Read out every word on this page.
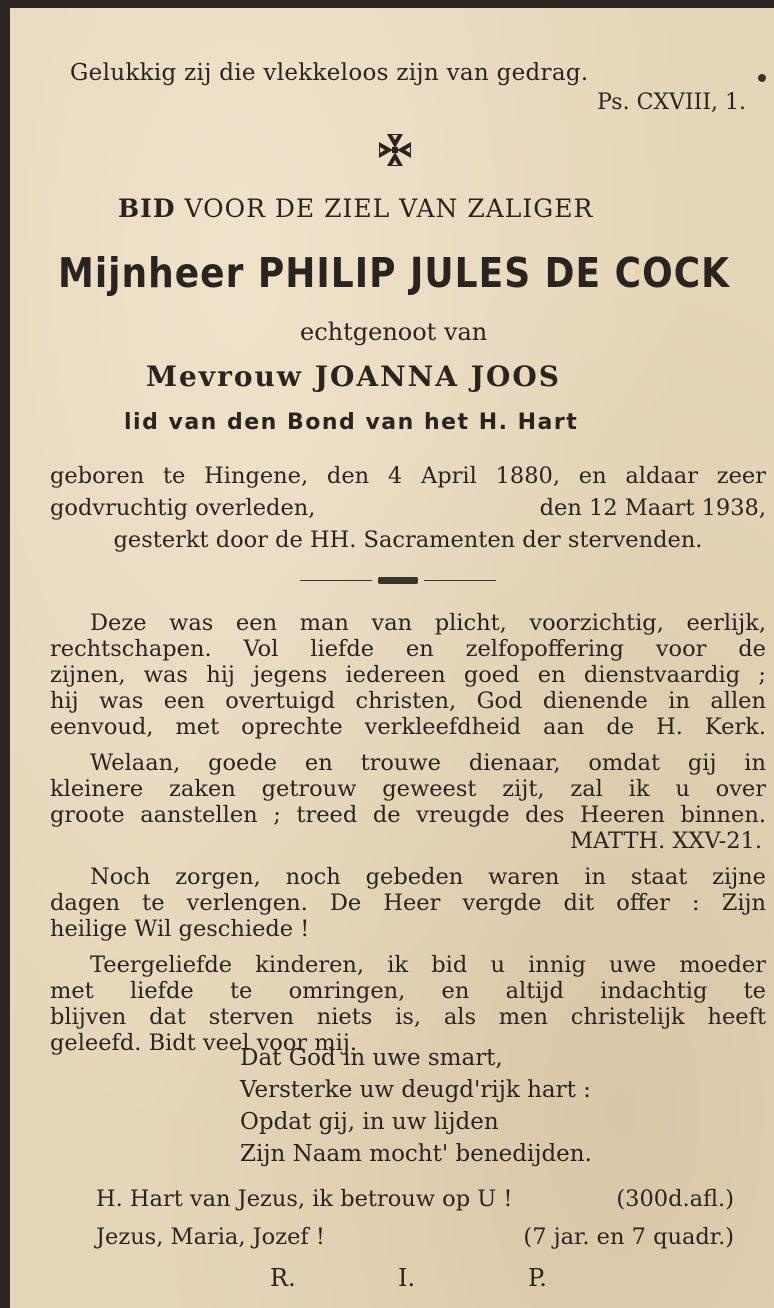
Gelukkig zij die vlekkeloos zijn van gedrag.
Ps. CXVIII, 1.
BID VOOR DE ZIEL VAN ZALIGER
Mijnheer PHILIP JULES DE COCK
echtgenoot van
Mevrouw JOANNA JOOS
lid van den Bond van het H. Hart
geboren te Hingene, den 4 April 1880, en aldaar zeer
godvruchtig overleden,	den 12 Maart 1938,
gesterkt door de HH. Sacramenten der stervenden.
Deze was een man van plicht, voorzichtig, eerlijk,
rechtschapen. Vol liefde en zelfopoffering voor de
zijnen, was hij jegens iedereen goed en dienstvaardig ;
hij was een overtuigd christen, God dienende in allen
eenvoud, met oprechte verkleefdheid aan de H. Kerk.
Welaan, goede en trouwe dienaar, omdat gij in
kleinere zaken getrouw geweest zijt, zal ik u over
groote aanstellen ; treed de vreugde des Heeren binnen.
MATTH. XXV-21.
Noch zorgen, noch gebeden waren in staat zijne
dagen te verlengen. De Heer vergde dit offer : Zijn
heilige Wil geschiede !
Teergeliefde kinderen, ik bid u innig uwe moeder
met liefde te omringen, en altijd indachtig te
blijven dat sterven niets is, als men christelijk heeft
geleefd. Bidt veel voor mij.
Dat God in uwe smart,
Versterke uw deugd'rijk hart :
Opdat gij, in uw lijden
Zijn Naam mocht' benedijden.
H. Hart van Jezus, ik betrouw op U !	(300d.afl.)
Jezus, Maria, Jozef !	(7 jar. en 7 quadr.)
R.	I.	P.
